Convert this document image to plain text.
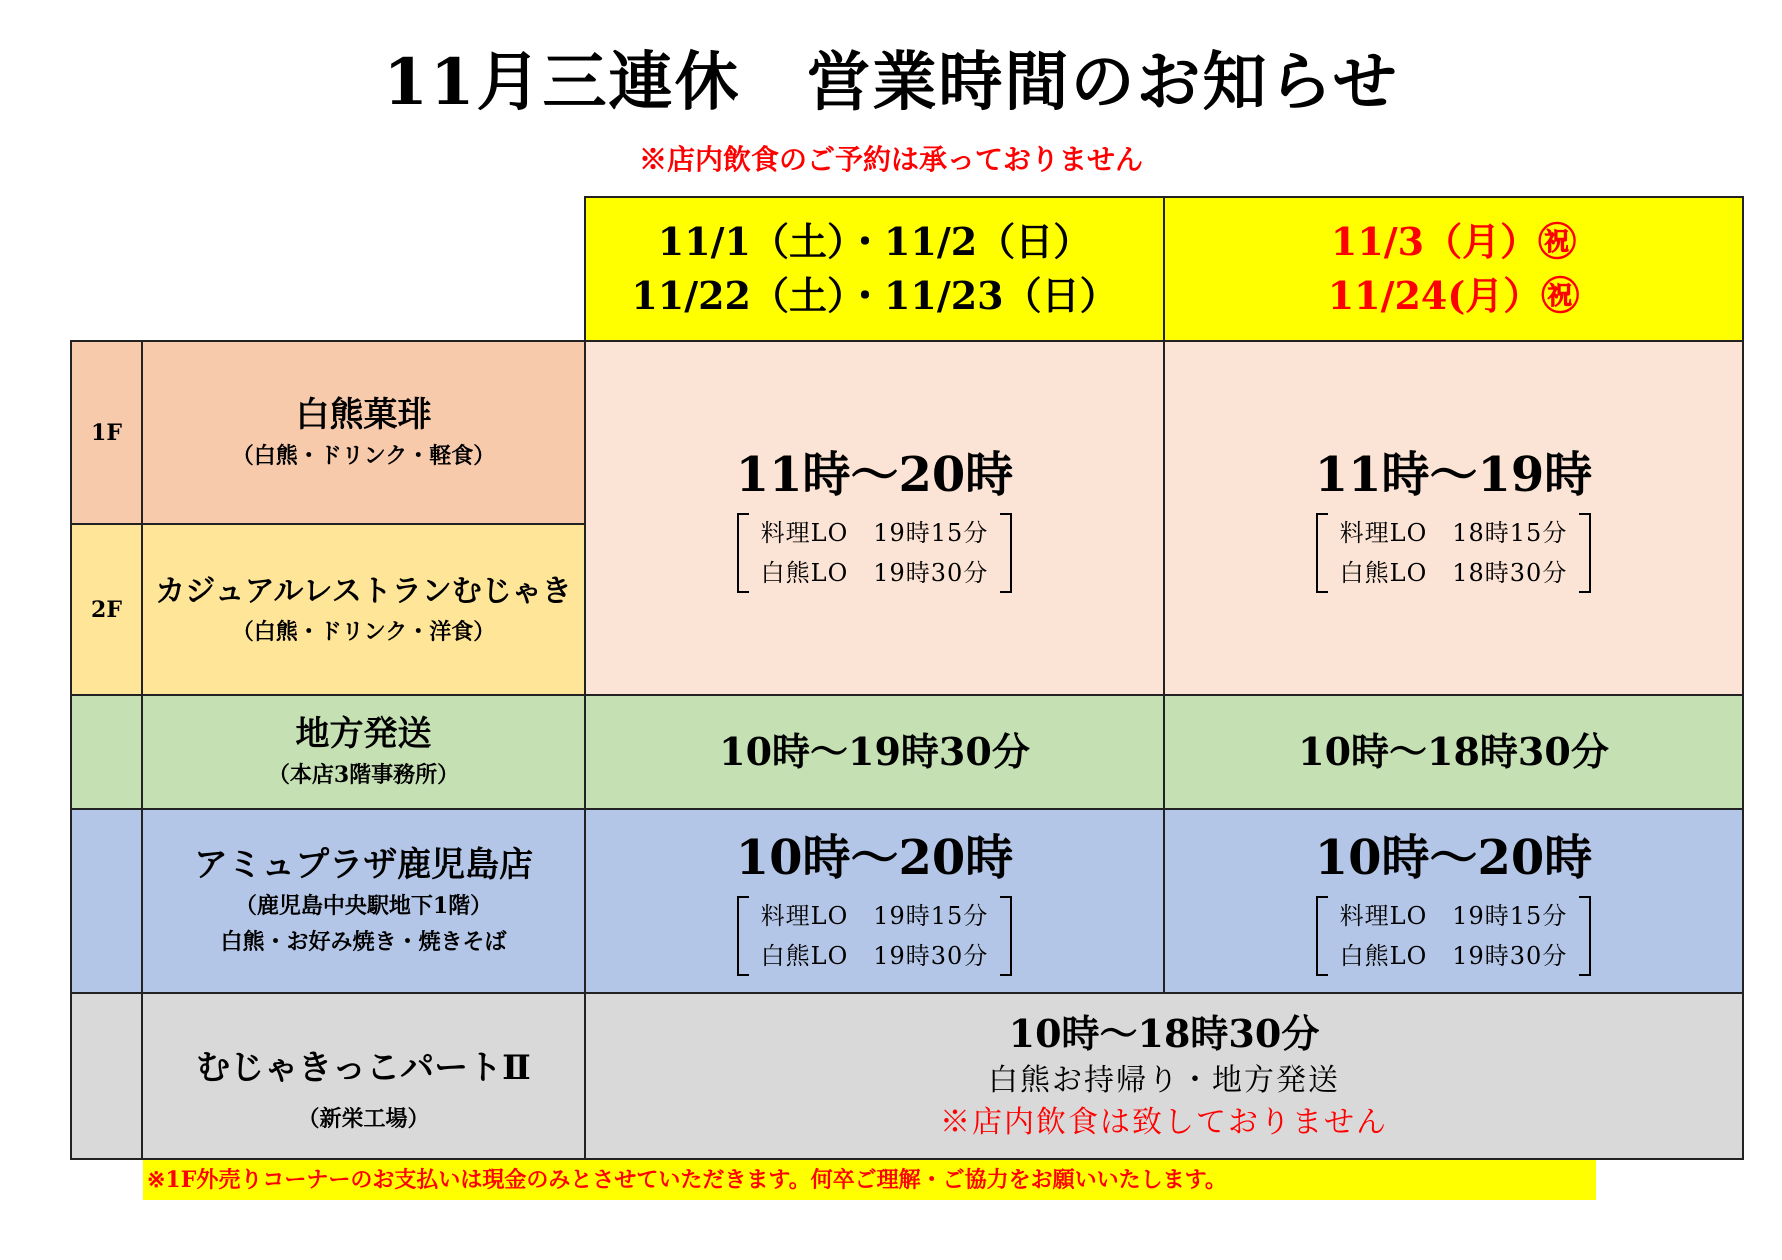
11月三連休　営業時間のお知らせ
※店内飲食のご予約は承っておりません
11/1（土）・11/2（日）
11/22（土）・11/23（日）
11/3（月）㊗
11/24(月）㊗
1F	白熊菓琲
（白熊・ドリンク・軽食）
2F
カジュアルレストランむじゃき
（白熊・ドリンク・洋食）
11時～20時
料理LO　19時15分
白熊LO　19時30分
11時～19時
料理LO　18時15分
白熊LO　18時30分
地方発送
（本店3階事務所）
10時～19時30分	10時～18時30分
アミュプラザ鹿児島店
（鹿児島中央駅地下1階）
白熊・お好み焼き・焼きそば
10時～20時
料理LO　19時15分
白熊LO　19時30分
10時～20時
料理LO　19時15分
白熊LO　19時30分
むじゃきっこパートⅡ
（新栄工場）
10時～18時30分
白熊お持帰り・地方発送
※店内飲食は致しておりません
※1F外売りコーナーのお支払いは現金のみとさせていただきます。何卒ご理解・ご協力をお願いいたします。
